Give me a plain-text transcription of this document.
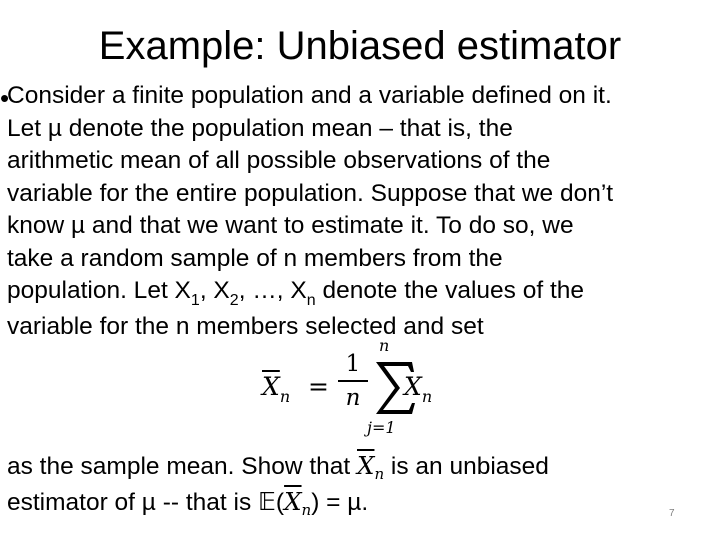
Example: Unbiased estimator
•
Consider a finite population and a variable defined on it.
Let µ denote the population mean – that is, the
arithmetic mean of all possible observations of the
variable for the entire population. Suppose that we don’t
know µ and that we want to estimate it. To do so, we
take a random sample of n members from the
population. Let $X_1$, $X_2$, …, $X_n$ denote the values of the
variable for the n members selected and set
$\overline{X}_n$ =
1
n
n
j=1
$X_n$
as the sample mean. Show that $\overline{X}_n$ is an unbiased
estimator of µ -- that is $𝔼(\overline{X}_n) = \mu$.	7
